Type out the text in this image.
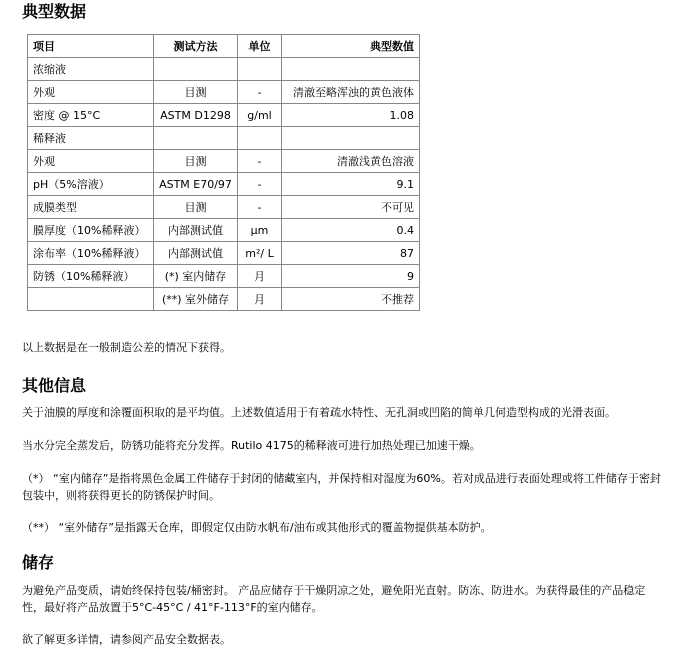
典型数据
项目	测试方法	单位	典型数值
浓缩液			
外观	目测	-	清澈至略浑浊的黄色液体
密度 @ 15°C	ASTM D1298	g/ml	1.08
稀释液			
外观	目测	-	清澈浅黄色溶液
pH（5%溶液）	ASTM E70/97	-	9.1
成膜类型	目测	-	不可见
膜厚度（10%稀释液）	内部测试值	µm	0.4
涂布率（10%稀释液）	内部测试值	m²/ L	87
防锈（10%稀释液）	(*) 室内储存	月	9
	(**) 室外储存	月	不推荐

以上数据是在一般制造公差的情况下获得。

其他信息

关于油膜的厚度和涂覆面积取的是平均值。上述数值适用于有着疏水特性、无孔洞或凹陷的简单几何造型构成的光滑表面。

当水分完全蒸发后，防锈功能将充分发挥。Rutilo 4175的稀释液可进行加热处理已加速干燥。

（*） “室内储存”是指将黑色金属工件储存于封闭的储藏室内，并保持相对湿度为60%。若对成品进行表面处理或将工件储存于密封包装中，则将获得更长的防锈保护时间。

（**） “室外储存”是指露天仓库，即假定仅由防水帆布/油布或其他形式的覆盖物提供基本防护。

储存

为避免产品变质，请始终保持包装/桶密封。 产品应储存于干燥阴凉之处，避免阳光直射。防冻、防进水。为获得最佳的产品稳定性，最好将产品放置于5°C-45°C / 41°F-113°F的室内储存。

欲了解更多详情，请参阅产品安全数据表。
